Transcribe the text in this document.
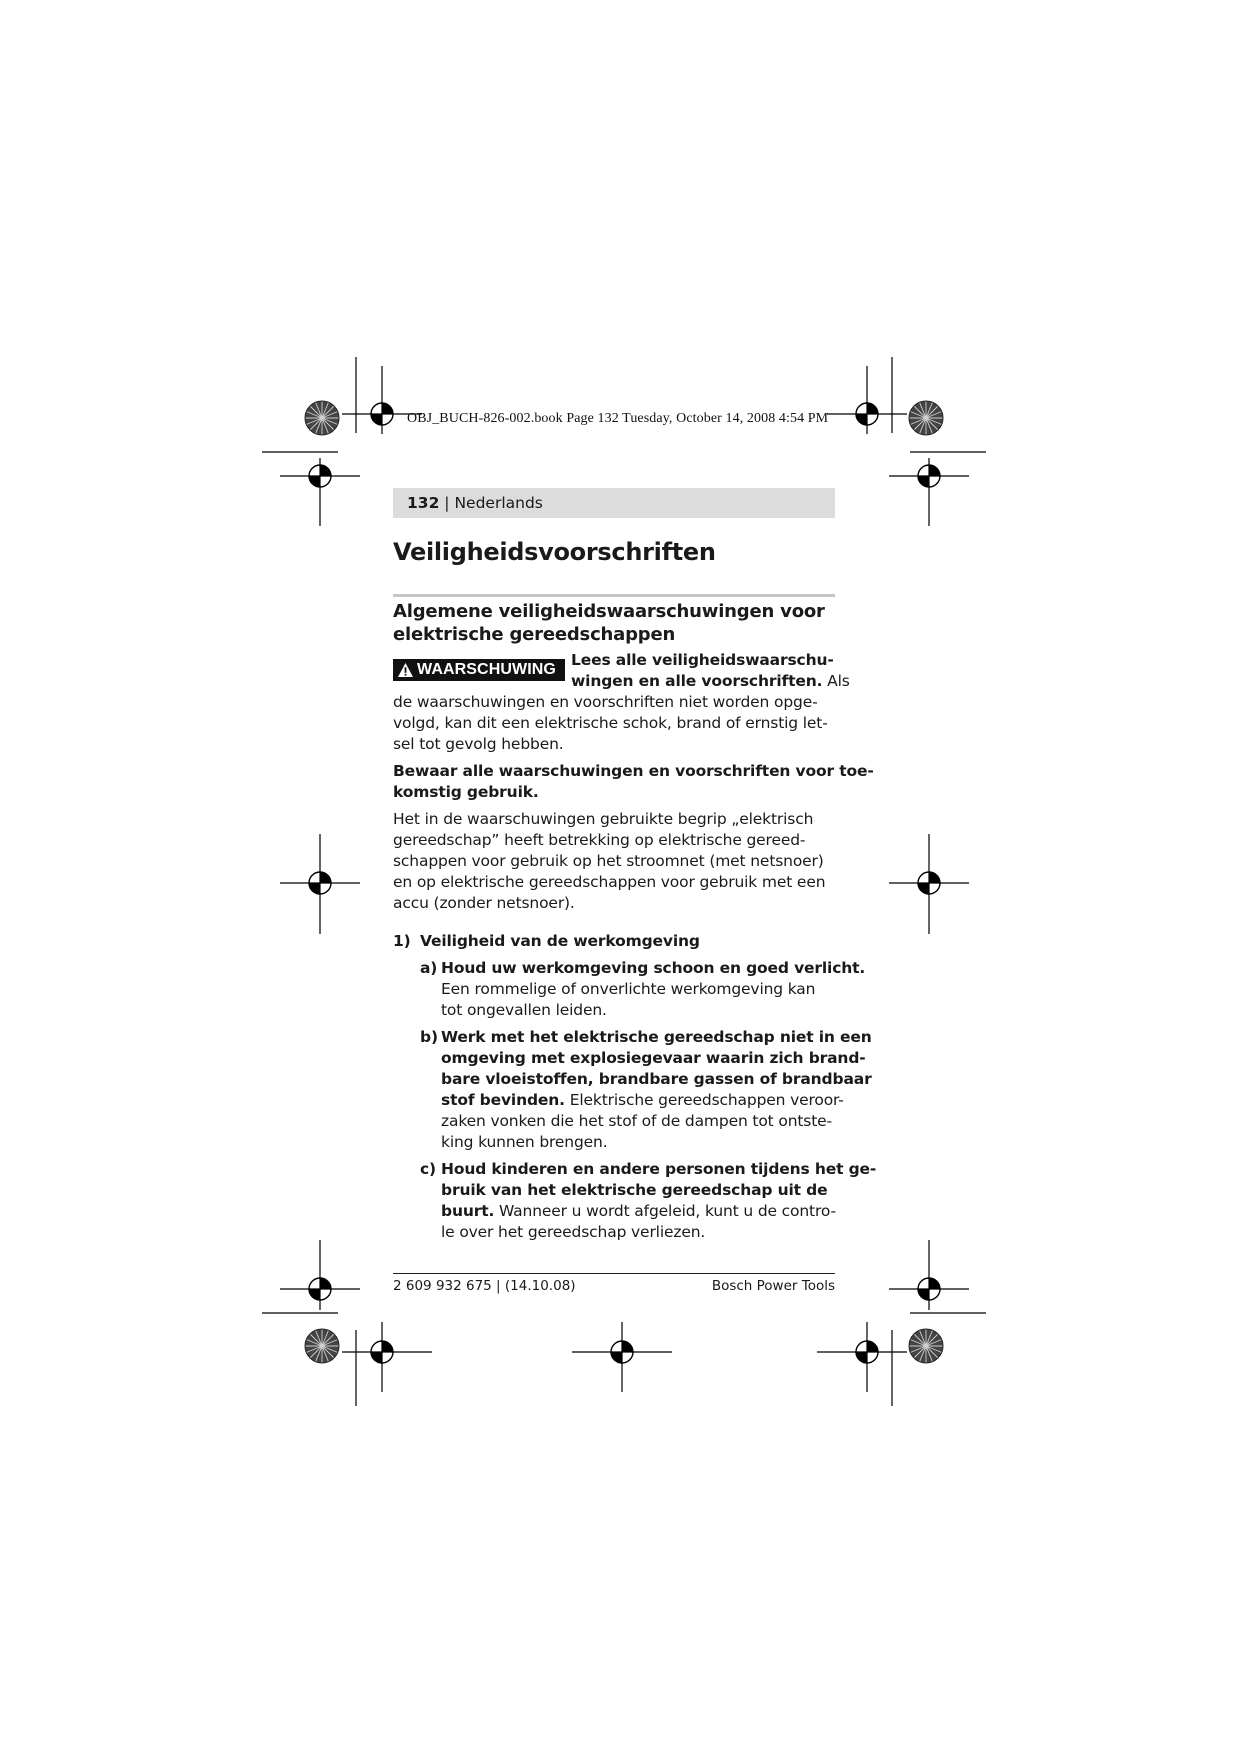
OBJ_BUCH-826-002.book Page 132 Tuesday, October 14, 2008 4:54 PM
132 | Nederlands
Veiligheidsvoorschriften
Algemene veiligheidswaarschuwingen voor
elektrische gereedschappen
WAARSCHUWING
Lees alle veiligheidswaarschu-
wingen en alle voorschriften. Als
de waarschuwingen en voorschriften niet worden opge-
volgd, kan dit een elektrische schok, brand of ernstig let-
sel tot gevolg hebben.
Bewaar alle waarschuwingen en voorschriften voor toe-
komstig gebruik.
Het in de waarschuwingen gebruikte begrip „elektrisch
gereedschap” heeft betrekking op elektrische gereed-
schappen voor gebruik op het stroomnet (met netsnoer)
en op elektrische gereedschappen voor gebruik met een
accu (zonder netsnoer).
1) Veiligheid van de werkomgeving
a) Houd uw werkomgeving schoon en goed verlicht.
Een rommelige of onverlichte werkomgeving kan
tot ongevallen leiden.
b) Werk met het elektrische gereedschap niet in een
omgeving met explosiegevaar waarin zich brand-
bare vloeistoffen, brandbare gassen of brandbaar
stof bevinden. Elektrische gereedschappen veroor-
zaken vonken die het stof of de dampen tot ontste-
king kunnen brengen.
c) Houd kinderen en andere personen tijdens het ge-
bruik van het elektrische gereedschap uit de
buurt. Wanneer u wordt afgeleid, kunt u de contro-
le over het gereedschap verliezen.
2 609 932 675 | (14.10.08)	Bosch Power Tools
